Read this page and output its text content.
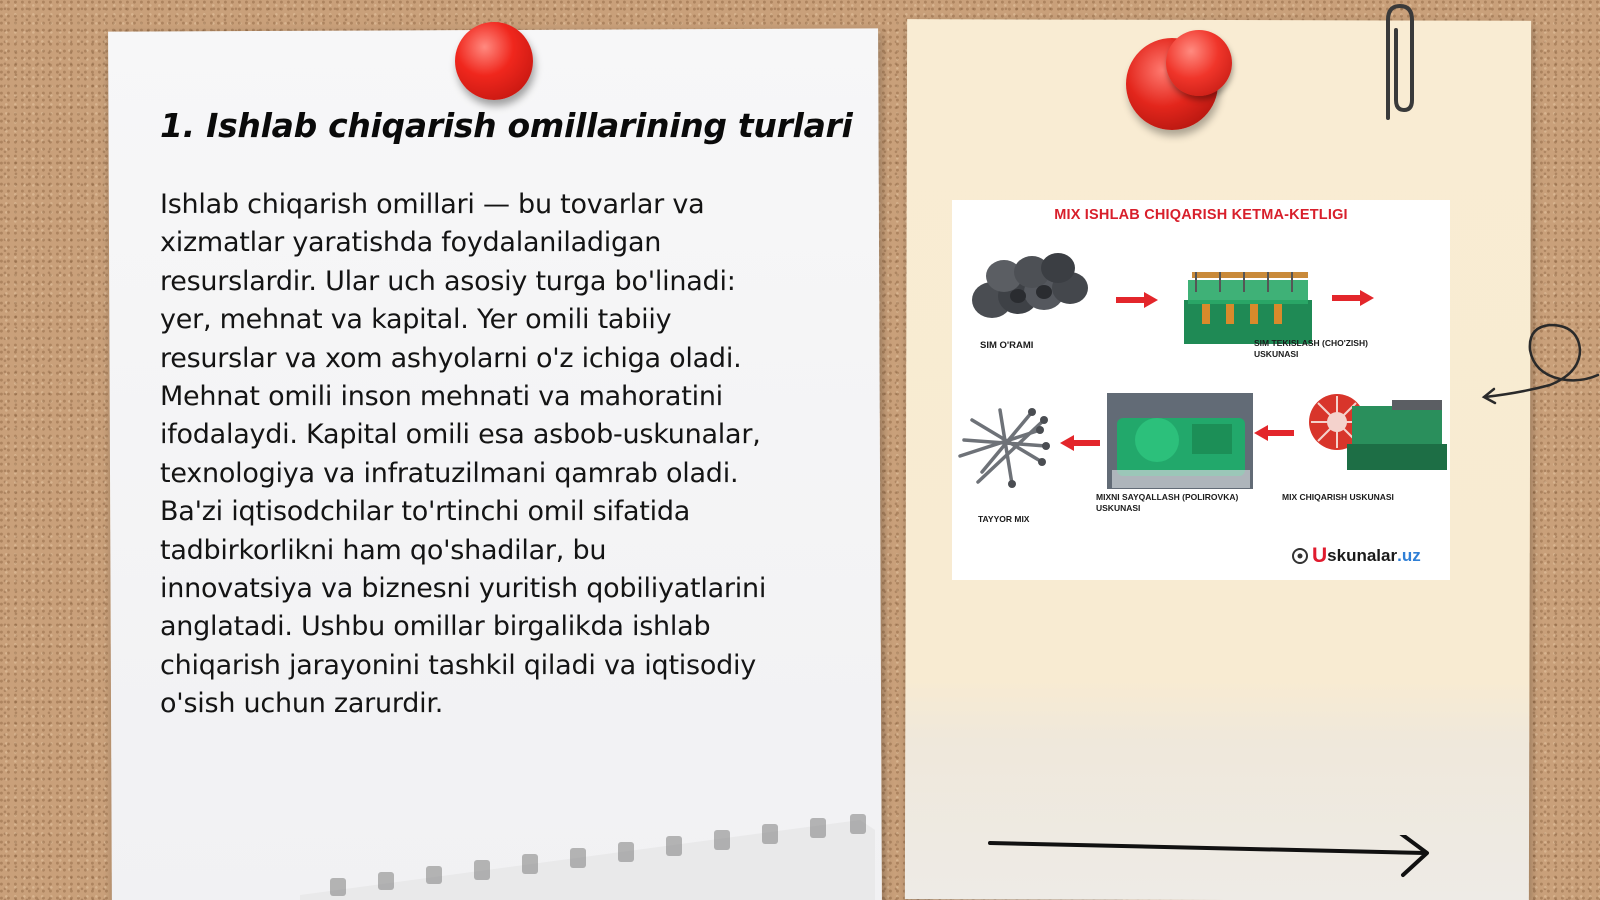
1. Ishlab chiqarish omillarining turlari
Ishlab chiqarish omillari — bu tovarlar va
xizmatlar yaratishda foydalaniladigan
resurslardir. Ular uch asosiy turga bo'linadi:
yer, mehnat va kapital. Yer omili tabiiy
resurslar va xom ashyolarni o'z ichiga oladi.
Mehnat omili inson mehnati va mahoratini
ifodalaydi. Kapital omili esa asbob-uskunalar,
texnologiya va infratuzilmani qamrab oladi.
Ba'zi iqtisodchilar to'rtinchi omil sifatida
tadbirkorlikni ham qo'shadilar, bu
innovatsiya va biznesni yuritish qobiliyatlarini
anglatadi. Ushbu omillar birgalikda ishlab
chiqarish jarayonini tashkil qiladi va iqtisodiy
o'sish uchun zarurdir.
MIX ISHLAB CHIQARISH KETMA-KETLIGI
SIM O'RAMI	SIM TEKISLASH (CHO'ZISH)
USKUNASI
MIX CHIQARISH USKUNASI
MIXNI SAYQALLASH (POLIROVKA)
USKUNASI
TAYYOR MIX
U skunalar .uz
